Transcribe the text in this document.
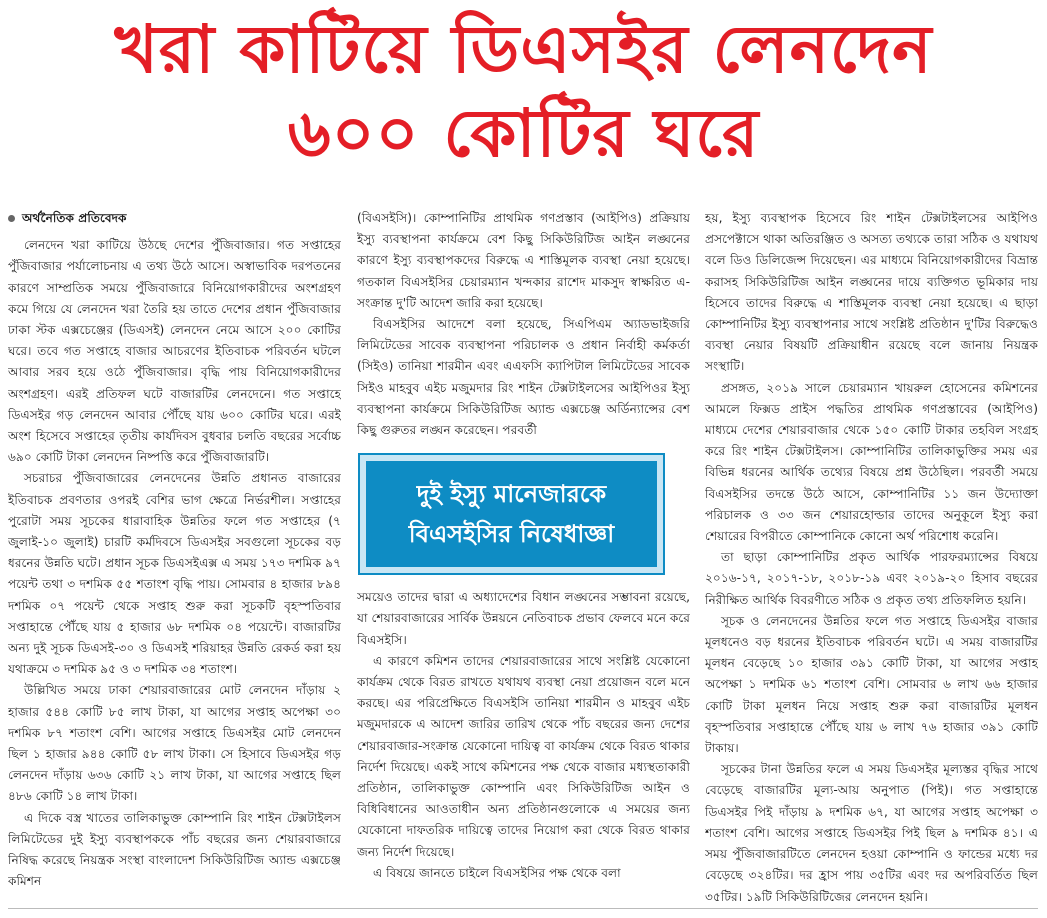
খরা কাটিয়ে ডিএসইর লেনদেন
৬০০ কোটির ঘরে
অর্থনৈতিক প্রতিবেদক

লেনদেন খরা কাটিয়ে উঠছে দেশের পুঁজিবাজার। গত সপ্তাহের পুঁজিবাজার পর্যালোচনায় এ তথ্য উঠে আসে। অস্বাভাবিক দরপতনের কারণে সাম্প্রতিক সময়ে পুঁজিবাজারে বিনিয়োগকারীদের অংশগ্রহণ কমে গিয়ে যে লেনদেন খরা তৈরি হয় তাতে দেশের প্রধান পুঁজিবাজার ঢাকা স্টক এক্সচেঞ্জের (ডিএসই) লেনদেন নেমে আসে ২০০ কোটির ঘরে। তবে গত সপ্তাহে বাজার আচরণের ইতিবাচক পরিবর্তন ঘটলে আবার সরব হয়ে ওঠে পুঁজিবাজার। বৃদ্ধি পায় বিনিয়োগকারীদের অংশগ্রহণ। এরই প্রতিফল ঘটে বাজারটির লেনদেনে। গত সপ্তাহে ডিএসইর গড় লেনদেন আবার পৌঁছে যায় ৬০০ কোটির ঘরে। এরই অংশ হিসেবে সপ্তাহের তৃতীয় কার্যদিবস বুধবার চলতি বছরের সর্বোচ্চ ৬৯০ কোটি টাকা লেনদেন নিষ্পত্তি করে পুঁজিবাজারটি।

সচরাচর পুঁজিবাজারের লেনদেনের উন্নতি প্রধানত বাজারের ইতিবাচক প্রবণতার ওপরই বেশির ভাগ ক্ষেত্রে নির্ভরশীল। সপ্তাহের পুরোটা সময় সূচকের ধারাবাহিক উন্নতির ফলে গত সপ্তাহের (৭ জুলাই-১০ জুলাই) চারটি কর্মদিবসে ডিএসইর সবগুলো সূচকের বড় ধরনের উন্নতি ঘটে। প্রধান সূচক ডিএসইএক্স এ সময় ১৭৩ দশমিক ৯৭ পয়েন্ট তথা ৩ দশমিক ৫৫ শতাংশ বৃদ্ধি পায়। সোমবার ৪ হাজার ৮৯৪ দশমিক ০৭ পয়েন্ট থেকে সপ্তাহ শুরু করা সূচকটি বৃহস্পতিবার সপ্তাহান্তে পৌঁছে যায় ৫ হাজার ৬৮ দশমিক ০৪ পয়েন্টে। বাজারটির অন্য দুই সূচক ডিএসই-৩০ ও ডিএসই শরিয়াহর উন্নতি রেকর্ড করা হয় যথাক্রমে ৩ দশমিক ৯৫ ও ৩ দশমিক ৩৪ শতাংশ।

উল্লিখিত সময়ে ঢাকা শেয়ারবাজারের মোট লেনদেন দাঁড়ায় ২ হাজার ৫৪৪ কোটি ৮৫ লাখ টাকা, যা আগের সপ্তাহ অপেক্ষা ৩০ দশমিক ৮৭ শতাংশ বেশি। আগের সপ্তাহে ডিএসইর মোট লেনদেন ছিল ১ হাজার ৯৪৪ কোটি ৫৮ লাখ টাকা। সে হিসাবে ডিএসইর গড় লেনদেন দাঁড়ায় ৬৩৬ কোটি ২১ লাখ টাকা, যা আগের সপ্তাহে ছিল ৪৮৬ কোটি ১৪ লাখ টাকা।

এ দিকে বস্ত্র খাতের তালিকাভুক্ত কোম্পানি রিং শাইন টেক্সটাইলস লিমিটেডের দুই ইস্যু ব্যবস্থাপককে পাঁচ বছরের জন্য শেয়ারবাজারে নিষিদ্ধ করেছে নিয়ন্ত্রক সংস্থা বাংলাদেশ সিকিউরিটিজ অ্যান্ড এক্সচেঞ্জ কমিশন

(বিএসইসি)। কোম্পানিটির প্রাথমিক গণপ্রস্তাব (আইপিও) প্রক্রিয়ায় ইস্যু ব্যবস্থাপনা কার্যক্রমে বেশ কিছু সিকিউরিটিজ আইন লঙ্ঘনের কারণে ইস্যু ব্যবস্থাপকদের বিরুদ্ধে এ শাস্তিমূলক ব্যবস্থা নেয়া হয়েছে। গতকাল বিএসইসির চেয়ারম্যান খন্দকার রাশেদ মাকসুদ স্বাক্ষরিত এ-সংক্রান্ত দু'টি আদেশ জারি করা হয়েছে।

বিএসইসির আদেশে বলা হয়েছে, সিএপিএম অ্যাডভাইজরি লিমিটেডের সাবেক ব্যবস্থাপনা পরিচালক ও প্রধান নির্বাহী কর্মকর্তা (সিইও) তানিয়া শারমীন এবং এএফসি ক্যাপিটাল লিমিটেডের সাবেক সিইও মাহবুব এইচ মজুমদার রিং শাইন টেক্সটাইলসের আইপিওর ইস্যু ব্যবস্থাপনা কার্যক্রমে সিকিউরিটিজ অ্যান্ড এক্সচেঞ্জ অর্ডিন্যান্সের বেশ কিছু গুরুতর লঙ্ঘন করেছেন। পরবর্তী

দুই ইস্যু মানেজারকে
বিএসইসির নিষেধাজ্ঞা

সময়েও তাদের দ্বারা এ অধ্যাদেশের বিধান লঙ্ঘনের সম্ভাবনা রয়েছে, যা শেয়ারবাজারের সার্বিক উন্নয়নে নেতিবাচক প্রভাব ফেলবে মনে করে বিএসইসি।

এ কারণে কমিশন তাদের শেয়ারবাজারের সাথে সংশ্লিষ্ট যেকোনো কার্যক্রম থেকে বিরত রাখতে যথাযথ ব্যবস্থা নেয়া প্রয়োজন বলে মনে করছে। এর পরিপ্রেক্ষিতে বিএসইসি তানিয়া শারমীন ও মাহবুব এইচ মজুমদারকে এ আদেশ জারির তারিখ থেকে পাঁচ বছরের জন্য দেশের শেয়ারবাজার-সংক্রান্ত যেকোনো দায়িত্ব বা কার্যক্রম থেকে বিরত থাকার নির্দেশ দিয়েছে। একই সাথে কমিশনের পক্ষ থেকে বাজার মধ্যস্থতাকারী প্রতিষ্ঠান, তালিকাভুক্ত কোম্পানি এবং সিকিউরিটিজ আইন ও বিধিবিধানের আওতাধীন অন্য প্রতিষ্ঠানগুলোকে এ সময়ের জন্য যেকোনো দাফতরিক দায়িত্বে তাদের নিয়োগ করা থেকে বিরত থাকার জন্য নির্দেশ দিয়েছে।

এ বিষয়ে জানতে চাইলে বিএসইসির পক্ষ থেকে বলা

হয়, ইস্যু ব্যবস্থাপক হিসেবে রিং শাইন টেক্সটাইলসের আইপিও প্রসপেক্টাসে থাকা অতিরঞ্জিত ও অসত্য তথ্যকে তারা সঠিক ও যথাযথ বলে ডিও ডিলিজেন্স দিয়েছেন। এর মাধ্যমে বিনিয়োগকারীদের বিভ্রান্ত করাসহ সিকিউরিটিজ আইন লঙ্ঘনের দায়ে ব্যক্তিগত ভূমিকার দায় হিসেবে তাদের বিরুদ্ধে এ শাস্তিমূলক ব্যবস্থা নেয়া হয়েছে। এ ছাড়া কোম্পানিটির ইস্যু ব্যবস্থাপনার সাথে সংশ্লিষ্ট প্রতিষ্ঠান দু'টির বিরুদ্ধেও ব্যবস্থা নেয়ার বিষয়টি প্রক্রিয়াধীন রয়েছে বলে জানায় নিয়ন্ত্রক সংস্থাটি।

প্রসঙ্গত, ২০১৯ সালে চেয়ারম্যান খায়রুল হোসেনের কমিশনের আমলে ফিক্সড প্রাইস পদ্ধতির প্রাথমিক গণপ্রস্তাবের (আইপিও) মাধ্যমে দেশের শেয়ারবাজার থেকে ১৫০ কোটি টাকার তহবিল সংগ্রহ করে রিং শাইন টেক্সটাইলস। কোম্পানিটির তালিকাভুক্তির সময় এর বিভিন্ন ধরনের আর্থিক তথ্যের বিষয়ে প্রশ্ন উঠেছিল। পরবর্তী সময়ে বিএসইসির তদন্তে উঠে আসে, কোম্পানিটির ১১ জন উদ্যোক্তা পরিচালক ও ৩৩ জন শেয়ারহোল্ডার তাদের অনুকূলে ইস্যু করা শেয়ারের বিপরীতে কোম্পানিকে কোনো অর্থ পরিশোধ করেনি।

তা ছাড়া কোম্পানিটির প্রকৃত আর্থিক পারফরম্যান্সের বিষয়ে ২০১৬-১৭, ২০১৭-১৮, ২০১৮-১৯ এবং ২০১৯-২০ হিসাব বছরের নিরীক্ষিত আর্থিক বিবরণীতে সঠিক ও প্রকৃত তথ্য প্রতিফলিত হয়নি।

সূচক ও লেনদেনের উন্নতির ফলে গত সপ্তাহে ডিএসইর বাজার মূলধনেও বড় ধরনের ইতিবাচক পরিবর্তন ঘটে। এ সময় বাজারটির মূলধন বেড়েছে ১০ হাজার ৩৯১ কোটি টাকা, যা আগের সপ্তাহ অপেক্ষা ১ দশমিক ৬১ শতাংশ বেশি। সোমবার ৬ লাখ ৬৬ হাজার কোটি টাকা মূলধন নিয়ে সপ্তাহ শুরু করা বাজারটির মূলধন বৃহস্পতিবার সপ্তাহান্তে পৌঁছে যায় ৬ লাখ ৭৬ হাজার ৩৯১ কোটি টাকায়।

সূচকের টানা উন্নতির ফলে এ সময় ডিএসইর মূল্যস্তর বৃদ্ধির সাথে বেড়েছে বাজারটির মূল্য-আয় অনুপাত (পিই)। গত সপ্তাহান্তে ডিএসইর পিই দাঁড়ায় ৯ দশমিক ৬৭, যা আগের সপ্তাহ অপেক্ষা ৩ শতাংশ বেশি। আগের সপ্তাহে ডিএসইর পিই ছিল ৯ দশমিক ৪১। এ সময় পুঁজিবাজারটিতে লেনদেন হওয়া কোম্পানি ও ফান্ডের মধ্যে দর বেড়েছে ৩২৪টির। দর হ্রাস পায় ৩৫টির এবং দর অপরিবর্তিত ছিল ৩৫টির। ১৯টি সিকিউরিটিজের লেনদেন হয়নি।
